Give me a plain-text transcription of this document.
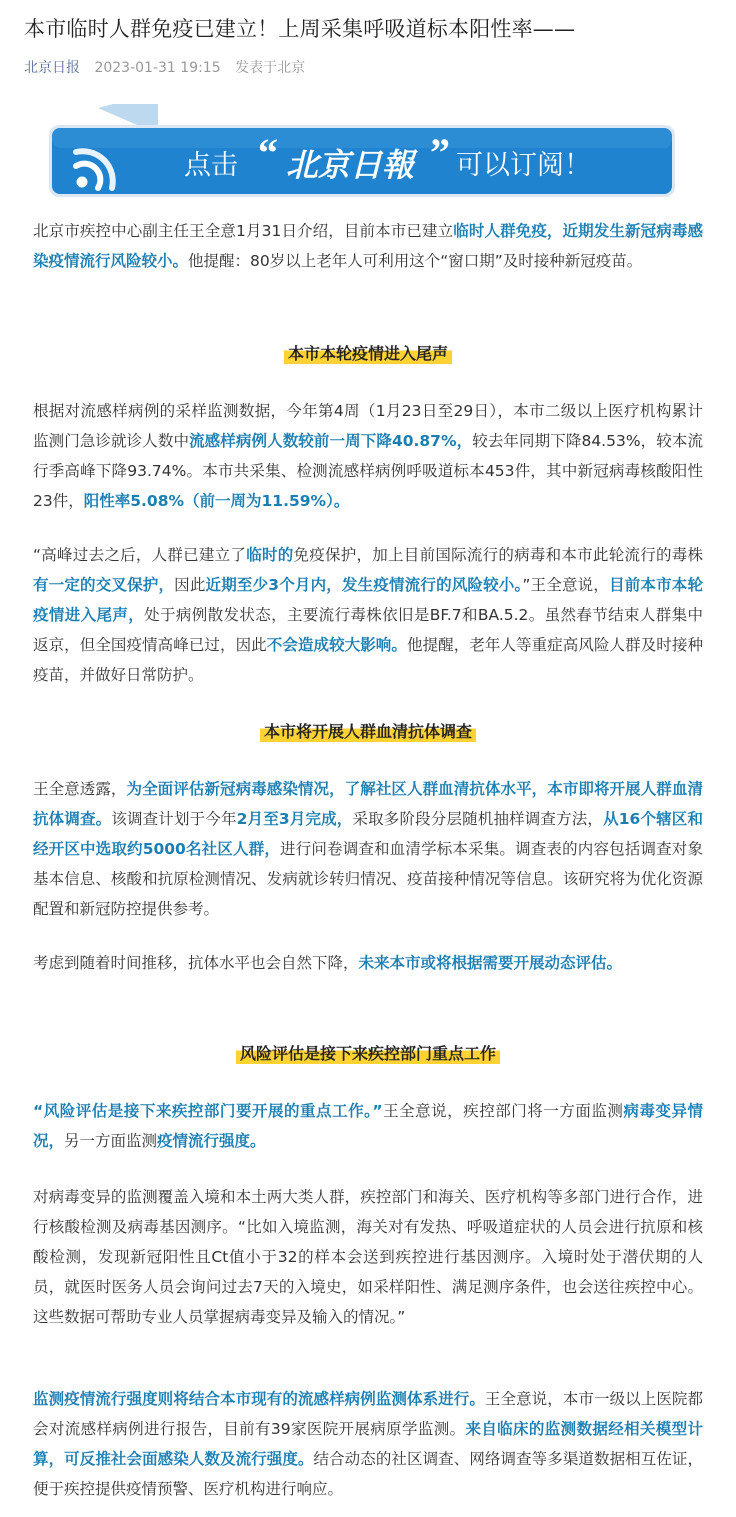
本市临时人群免疫已建立！上周采集呼吸道标本阳性率——
北京日报 2023-01-31 19:15 发表于北京
点击 “ 北京日報 ” 可以订阅！

北京市疾控中心副主任王全意1月31日介绍，目前本市已建立临时人群免疫，近期发生新冠病毒感染疫情流行风险较小。他提醒：80岁以上老年人可利用这个“窗口期”及时接种新冠疫苗。

本市本轮疫情进入尾声

根据对流感样病例的采样监测数据，今年第4周（1月23日至29日），本市二级以上医疗机构累计监测门急诊就诊人数中流感样病例人数较前一周下降40.87%，较去年同期下降84.53%，较本流行季高峰下降93.74%。本市共采集、检测流感样病例呼吸道标本453件，其中新冠病毒核酸阳性23件，阳性率5.08%（前一周为11.59%）。

“高峰过去之后，人群已建立了临时的免疫保护，加上目前国际流行的病毒和本市此轮流行的毒株有一定的交叉保护，因此近期至少3个月内，发生疫情流行的风险较小。”王全意说，目前本市本轮疫情进入尾声，处于病例散发状态，主要流行毒株依旧是BF.7和BA.5.2。虽然春节结束人群集中返京，但全国疫情高峰已过，因此不会造成较大影响。他提醒，老年人等重症高风险人群及时接种疫苗，并做好日常防护。

本市将开展人群血清抗体调查

王全意透露，为全面评估新冠病毒感染情况，了解社区人群血清抗体水平，本市即将开展人群血清抗体调查。该调查计划于今年2月至3月完成，采取多阶段分层随机抽样调查方法，从16个辖区和经开区中选取约5000名社区人群，进行问卷调查和血清学标本采集。调查表的内容包括调查对象基本信息、核酸和抗原检测情况、发病就诊转归情况、疫苗接种情况等信息。该研究将为优化资源配置和新冠防控提供参考。

考虑到随着时间推移，抗体水平也会自然下降，未来本市或将根据需要开展动态评估。

风险评估是接下来疾控部门重点工作

“风险评估是接下来疾控部门要开展的重点工作。”王全意说，疾控部门将一方面监测病毒变异情况，另一方面监测疫情流行强度。

对病毒变异的监测覆盖入境和本土两大类人群，疾控部门和海关、医疗机构等多部门进行合作，进行核酸检测及病毒基因测序。“比如入境监测，海关对有发热、呼吸道症状的人员会进行抗原和核酸检测，发现新冠阳性且Ct值小于32的样本会送到疾控进行基因测序。入境时处于潜伏期的人员，就医时医务人员会询问过去7天的入境史，如采样阳性、满足测序条件，也会送往疾控中心。这些数据可帮助专业人员掌握病毒变异及输入的情况。”

监测疫情流行强度则将结合本市现有的流感样病例监测体系进行。王全意说，本市一级以上医院都会对流感样病例进行报告，目前有39家医院开展病原学监测。来自临床的监测数据经相关模型计算，可反推社会面感染人数及流行强度。结合动态的社区调查、网络调查等多渠道数据相互佐证，便于疾控提供疫情预警、医疗机构进行响应。
